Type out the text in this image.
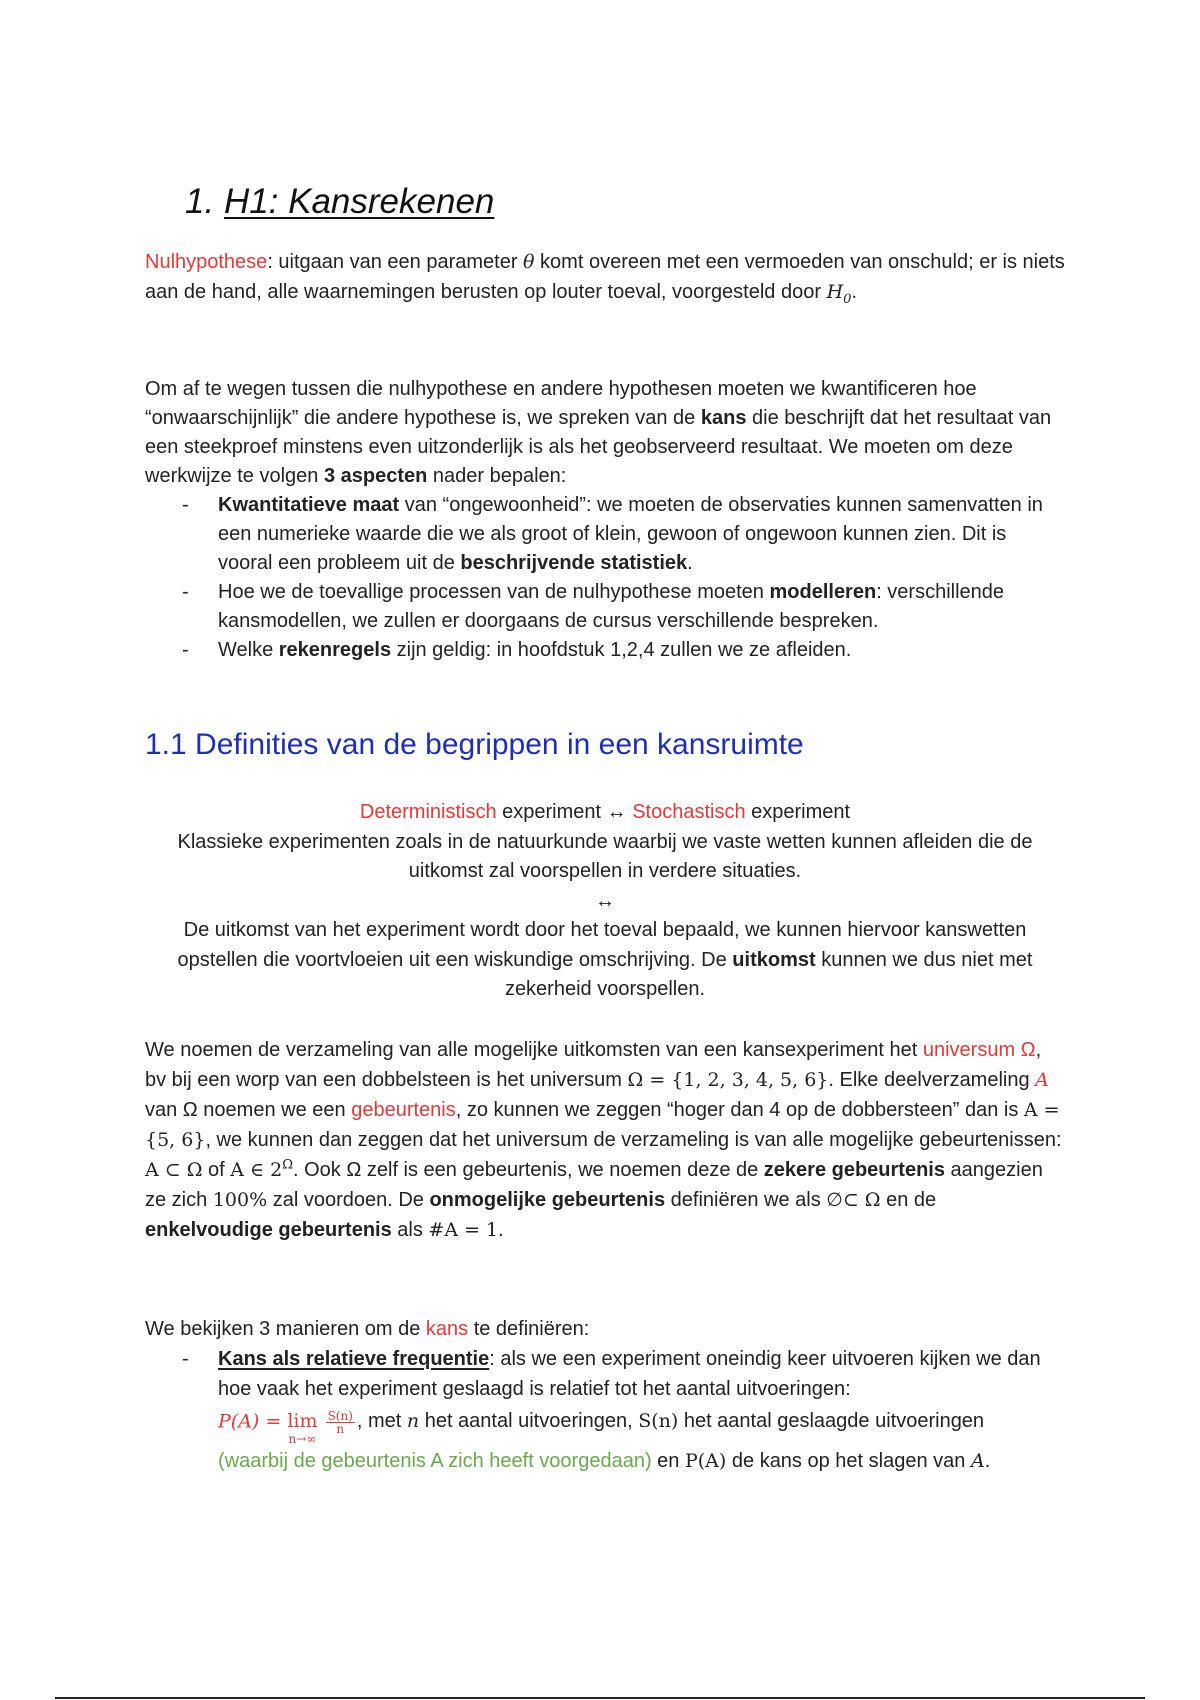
1. H1: Kansrekenen

Nulhypothese: uitgaan van een parameter θ komt overeen met een vermoeden van onschuld; er is niets aan de hand, alle waarnemingen berusten op louter toeval, voorgesteld door $H_0$.

Om af te wegen tussen die nulhypothese en andere hypothesen moeten we kwantificeren hoe “onwaarschijnlijk” die andere hypothese is, we spreken van de kans die beschrijft dat het resultaat van een steekproef minstens even uitzonderlijk is als het geobserveerd resultaat. We moeten om deze werkwijze te volgen 3 aspecten nader bepalen:

- Kwantitatieve maat van “ongewoonheid”: we moeten de observaties kunnen samenvatten in een numerieke waarde die we als groot of klein, gewoon of ongewoon kunnen zien. Dit is vooral een probleem uit de beschrijvende statistiek.
- Hoe we de toevallige processen van de nulhypothese moeten modelleren: verschillende kansmodellen, we zullen er doorgaans de cursus verschillende bespreken.
- Welke rekenregels zijn geldig: in hoofdstuk 1,2,4 zullen we ze afleiden.
1.1 Definities van de begrippen in een kansruimte

Deterministisch experiment ↔ Stochastisch experiment

Klassieke experimenten zoals in de natuurkunde waarbij we vaste wetten kunnen afleiden die de uitkomst zal voorspellen in verdere situaties.

↔

De uitkomst van het experiment wordt door het toeval bepaald, we kunnen hiervoor kanswetten opstellen die voortvloeien uit een wiskundige omschrijving. De uitkomst kunnen we dus niet met zekerheid voorspellen.

We noemen de verzameling van alle mogelijke uitkomsten van een kansexperiment het universum Ω, bv bij een worp van een dobbelsteen is het universum Ω = {1, 2, 3, 4, 5, 6}. Elke deelverzameling A van Ω noemen we een gebeurtenis, zo kunnen we zeggen “hoger dan 4 op de dobbersteen” dan is A = {5, 6}, we kunnen dan zeggen dat het universum de verzameling is van alle mogelijke gebeurtenissen: A ⊂ Ω of A ∈ $2^\Omega$. Ook Ω zelf is een gebeurtenis, we noemen deze de zekere gebeurtenis aangezien ze zich 100% zal voordoen. De onmogelijke gebeurtenis definiëren we als ∅⊂ Ω en de enkelvoudige gebeurtenis als #A = 1.

We bekijken 3 manieren om de kans te definiëren:

- Kans als relatieve frequentie: als we een experiment oneindig keer uitvoeren kijken we dan hoe vaak het experiment geslaagd is relatief tot het aantal uitvoeringen:
P(A) = lim
n→∞

$\frac{S(n)}{n}$ , met n het aantal uitvoeringen, S(n) het aantal geslaagde uitvoeringen
(waarbij de gebeurtenis A zich heeft voorgedaan) en P(A) de kans op het slagen van A.
